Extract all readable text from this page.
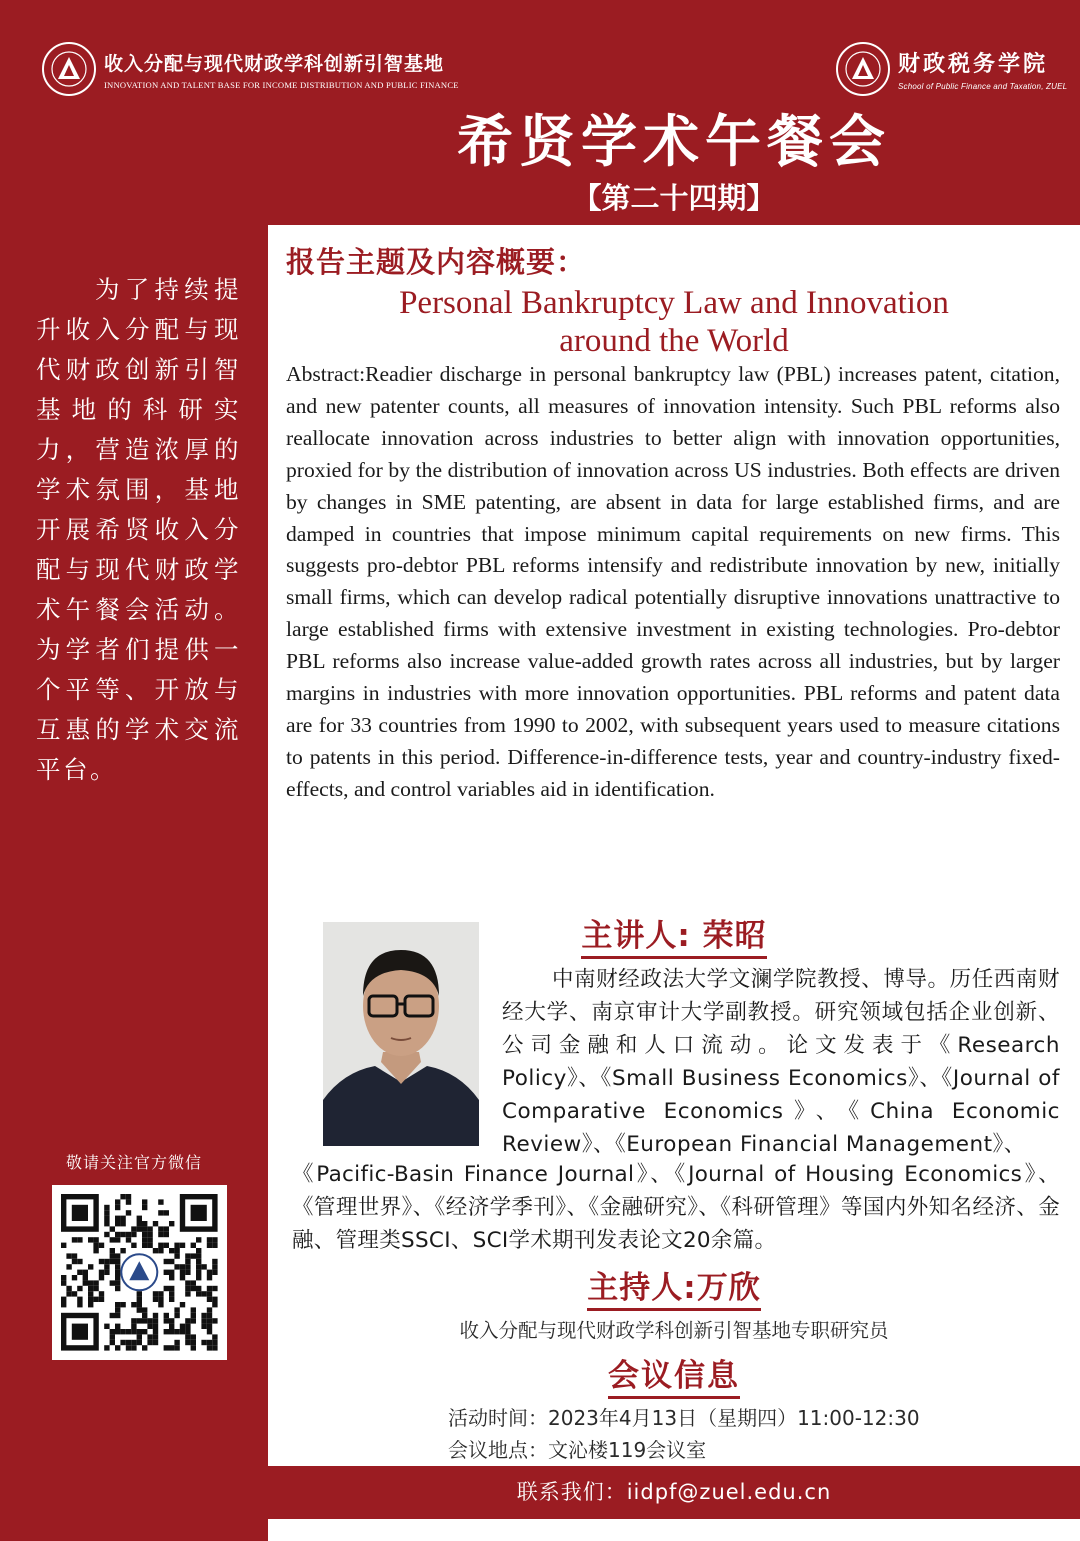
收入分配与现代财政学科创新引智基地
INNOVATION AND TALENT BASE FOR INCOME DISTRIBUTION AND PUBLIC FINANCE
财政税务学院
School of Public Finance and Taxation, ZUEL
希贤学术午餐会
【第二十四期】
为了持续提升收入分配与现代财政创新引智基地的科研实力，营造浓厚的学术氛围，基地开展希贤收入分配与现代财政学术午餐会活动。为学者们提供一个平等、开放与互惠的学术交流平台。
敬请关注官方微信
报告主题及内容概要：
Personal Bankruptcy Law and Innovation
around the World
Abstract:Readier discharge in personal bankruptcy law (PBL) increases patent, citation, and new patenter counts, all measures of innovation intensity. Such PBL reforms also reallocate innovation across industries to better align with innovation opportunities, proxied for by the distribution of innovation across US industries. Both effects are driven by changes in SME patenting, are absent in data for large established firms, and are damped in countries that impose minimum capital requirements on new firms. This suggests pro-debtor PBL reforms intensify and redistribute innovation by new, initially small firms, which can develop radical potentially disruptive innovations unattractive to large established firms with extensive investment in existing technologies. Pro-debtor PBL reforms also increase value-added growth rates across all industries, but by larger margins in industries with more innovation opportunities. PBL reforms and patent data are for 33 countries from 1990 to 2002, with subsequent years used to measure citations to patents in this period. Difference-in-difference tests, year and country-industry fixed-effects, and control variables aid in identification.
主讲人: 荣昭
中南财经政法大学文澜学院教授、博导。历任西南财经大学、南京审计大学副教授。研究领域包括企业创新、公司金融和人口流动。论文发表于《Research Policy》、《Small Business Economics》、《Journal of Comparative Economics》、《China Economic Review》、《European Financial Management》、
《Pacific-Basin Finance Journal》、《Journal of Housing Economics》、《管理世界》、《经济学季刊》、《金融研究》、《科研管理》等国内外知名经济、金融、管理类SSCI、SCI学术期刊发表论文20余篇。
主持人:万欣
收入分配与现代财政学科创新引智基地专职研究员
会议信息
活动时间：2023年4月13日（星期四）11:00-12:30
会议地点：文沁楼119会议室
联系我们：iidpf@zuel.edu.cn
